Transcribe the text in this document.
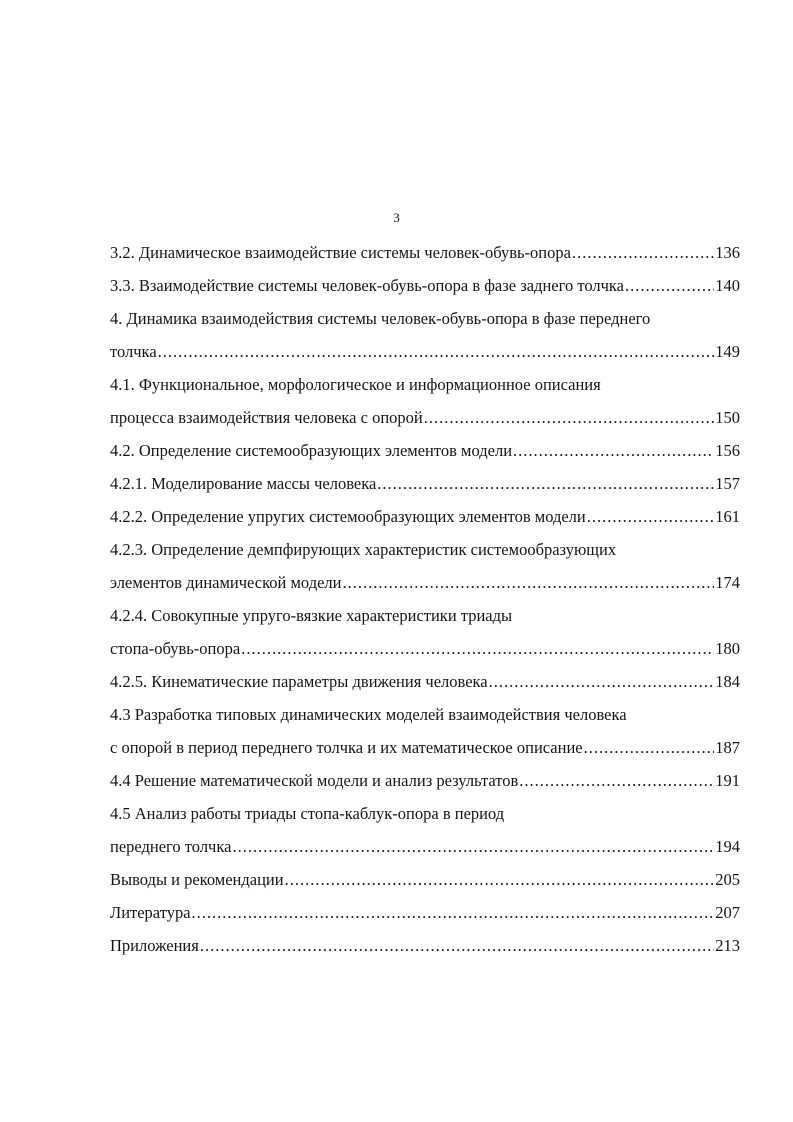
3
3.2. Динамическое взаимодействие системы человек-обувь-опора .....	136
3.3. Взаимодействие системы человек-обувь-опора в фазе заднего толчка .....	140
4. Динамика взаимодействия системы человек-обувь-опора в фазе переднего
толчка .....	149
4.1. Функциональное, морфологическое и информационное описания
процесса взаимодействия человека с опорой .....	150
4.2. Определение системообразующих элементов модели .....	156
4.2.1. Моделирование массы человека .....	157
4.2.2. Определение упругих системообразующих элементов модели .....	161
4.2.3. Определение демпфирующих характеристик системообразующих
элементов динамической модели .....	174
4.2.4. Совокупные упруго-вязкие характеристики триады
стопа-обувь-опора .....	180
4.2.5. Кинематические параметры движения человека .....	184
4.3 Разработка типовых динамических моделей взаимодействия человека
с опорой в период переднего толчка и их математическое описание .....	187
4.4 Решение математической модели и анализ результатов .....	191
4.5 Анализ работы триады стопа-каблук-опора в период
переднего толчка .....	194
Выводы и рекомендации .....	205
Литература .....	207
Приложения .....	213
